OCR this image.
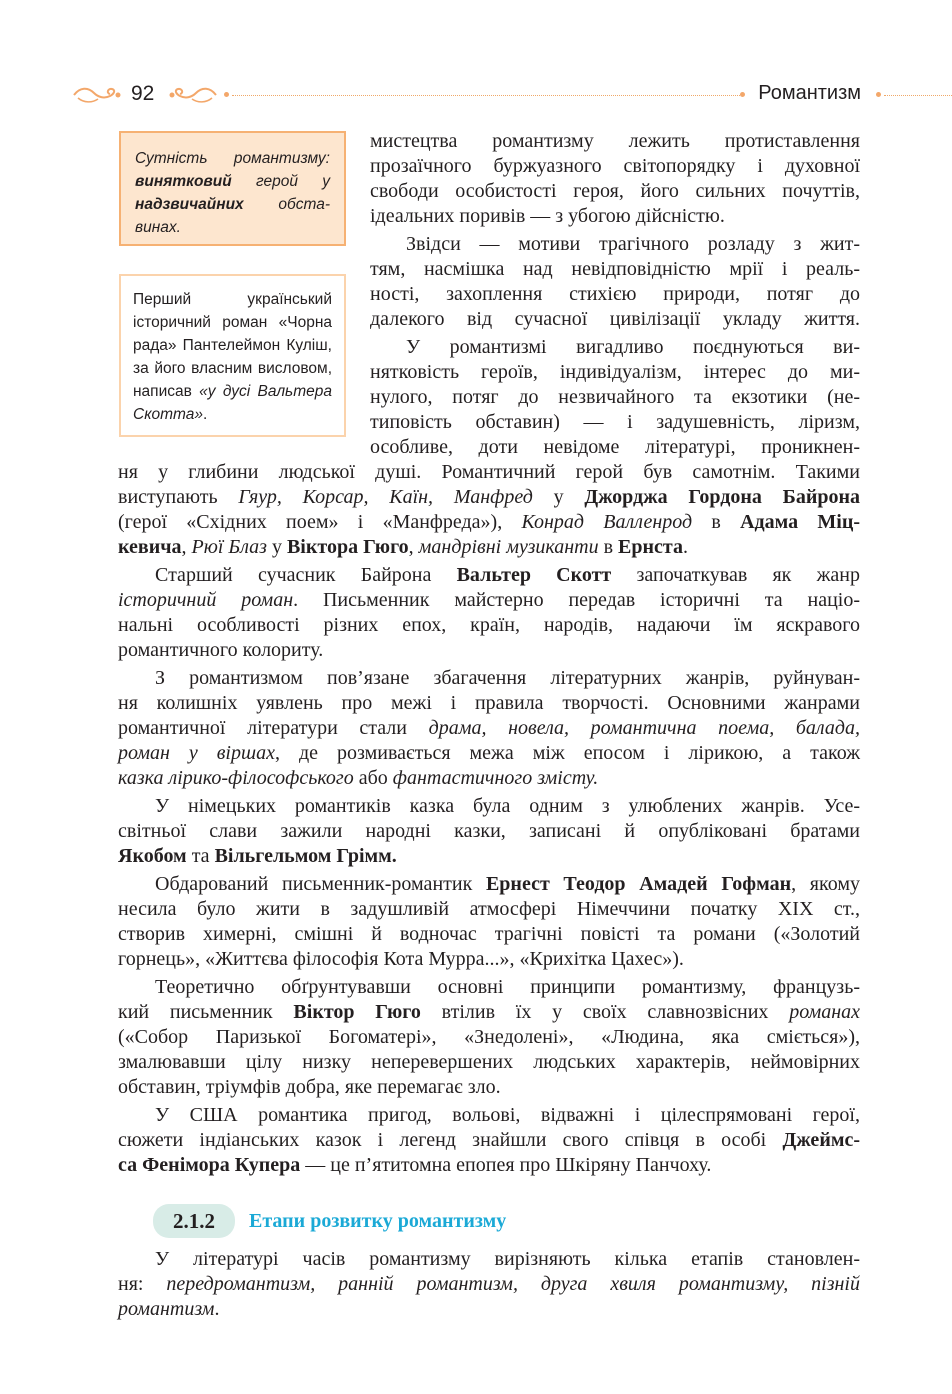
92	Романтизм
Сутність романтизму: винятковий герой у надзвичайних обста- винах.
Перший український історичний роман «Чорна рада» Пантелеймон Куліш, за його власним висловом, написав «у дусі Вальтера Скотта».
мистецтва романтизму лежить протиставлення
прозаїчного буржуазного світопорядку і духовної
свободи особистості героя, його сильних почуттів,
ідеальних поривів — з убогою дійсністю.
Звідси — мотиви трагічного розладу з жит-
тям, насмішка над невідповідністю мрії і реаль-
ності, захоплення стихією природи, потяг до
далекого від сучасної цивілізації укладу життя.
У романтизмі вигадливо поєднуються ви-
нятковість героїв, індивідуалізм, інтерес до ми-
нулого, потяг до незвичайного та екзотики (не-
типовість обставин) — і задушевність, ліризм,
особливе, доти невідоме літературі, проникнен-
ня у глибини людської душі. Романтичний герой був самотнім. Такими
виступають Гяур, Корсар, Каїн, Манфред у Джорджа Гордона Байрона
(герої «Східних поем» і «Манфреда»), Конрад Валленрод в Адама Міц-
кевича, Рюї Блаз у Віктора Гюго, мандрівні музиканти в Ернста.
Старший сучасник Байрона Вальтер Скотт започаткував як жанр
історичний роман. Письменник майстерно передав історичні та націо-
нальні особливості різних епох, країн, народів, надаючи їм яскравого
романтичного колориту.
З романтизмом пов’язане збагачення літературних жанрів, руйнуван-
ня колишніх уявлень про межі і правила творчості. Основними жанрами
романтичної літератури стали драма, новела, романтична поема, балада,
роман у віршах, де розмивається межа між епосом і лірикою, а також
казка лірико-філософського або фантастичного змісту.
У німецьких романтиків казка була одним з улюблених жанрів. Усе-
світньої слави зажили народні казки, записані й опубліковані братами
Якобом та Вільгельмом Грімм.
Обдарований письменник-романтик Ернест Теодор Амадей Гофман, якому
несила було жити в задушливій атмосфері Німеччини початку XIX ст.,
створив химерні, смішні й водночас трагічні повісті та романи («Золотий
горнець», «Життєва філософія Кота Мурра...», «Крихітка Цахес»).
Теоретично обґрунтувавши основні принципи романтизму, французь-
кий письменник Віктор Гюго втілив їх у своїх славнозвісних романах
(«Собор Паризької Богоматері», «Знедолені», «Людина, яка сміється»),
змалювавши цілу низку неперевершених людських характерів, неймовірних
обставин, тріумфів добра, яке перемагає зло.
У США романтика пригод, вольові, відважні і цілеспрямовані герої,
сюжети індіанських казок і легенд знайшли свого співця в особі Джеймс-
са Фенімора Купера — це п’ятитомна епопея про Шкіряну Панчоху.
2.1.2	Етапи розвитку романтизму
У літературі часів романтизму вирізняють кілька етапів становлен-
ня: передромантизм, ранній романтизм, друга хвиля романтизму, пізній
романтизм.
